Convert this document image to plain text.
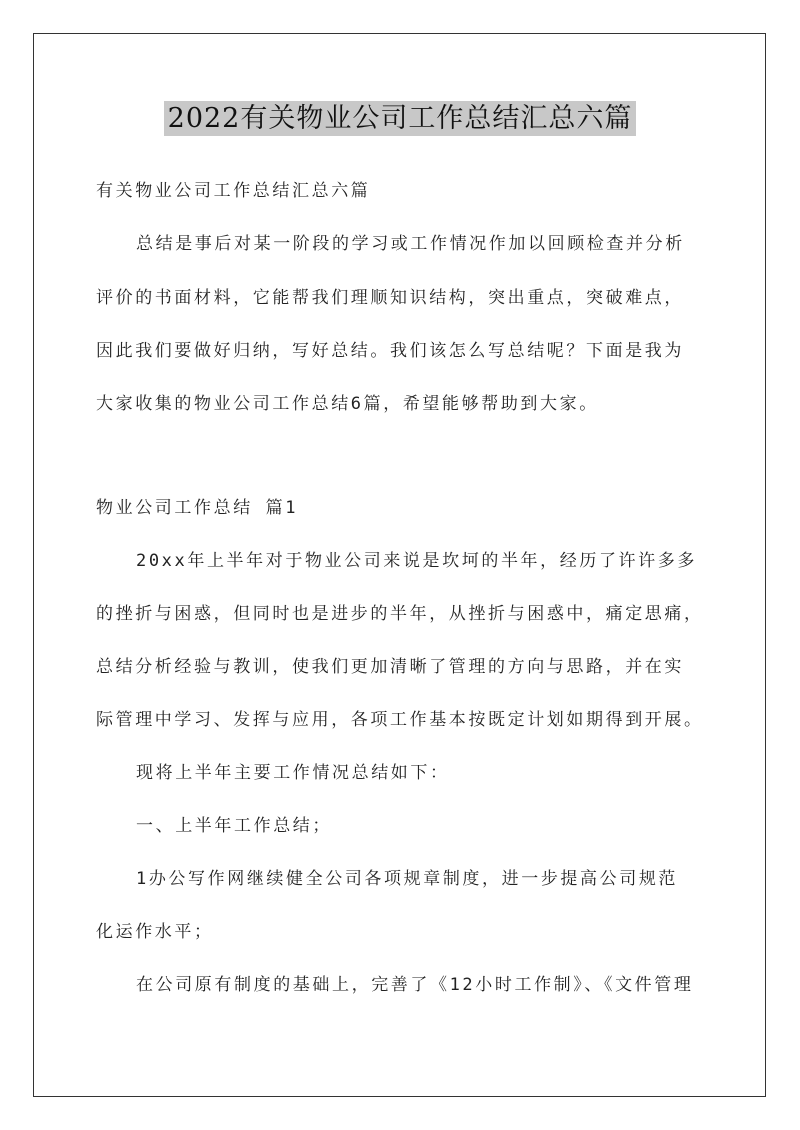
2022有关物业公司工作总结汇总六篇
有关物业公司工作总结汇总六篇
总结是事后对某一阶段的学习或工作情况作加以回顾检查并分析
评价的书面材料，它能帮我们理顺知识结构，突出重点，突破难点，
因此我们要做好归纳，写好总结。我们该怎么写总结呢？下面是我为
大家收集的物业公司工作总结6篇，希望能够帮助到大家。
物业公司工作总结 篇1
20xx年上半年对于物业公司来说是坎坷的半年，经历了许许多多
的挫折与困惑，但同时也是进步的半年，从挫折与困惑中，痛定思痛，
总结分析经验与教训，使我们更加清晰了管理的方向与思路，并在实
际管理中学习、发挥与应用，各项工作基本按既定计划如期得到开展。
现将上半年主要工作情况总结如下：
一、上半年工作总结；
1办公写作网继续健全公司各项规章制度，进一步提高公司规范
化运作水平；
在公司原有制度的基础上，完善了《12小时工作制》、《文件管理
